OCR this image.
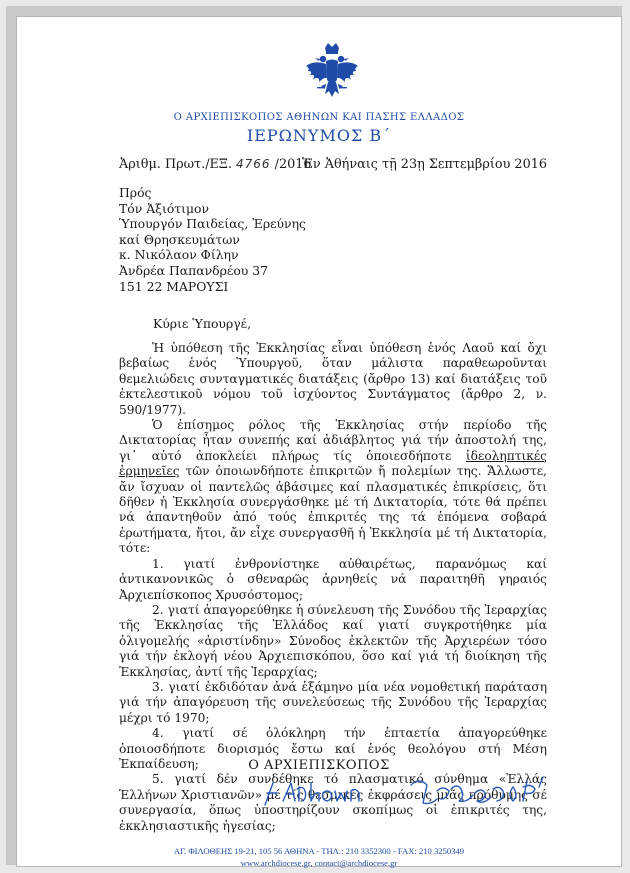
Ο ΑΡΧΙΕΠΙΣΚΟΠΟΣ ΑΘΗΝΩΝ ΚΑΙ ΠΑΣΗΣ ΕΛΛΑΔΟΣ
ΙΕΡΩΝΥΜΟΣ Β΄
Ἀριθμ. Πρωτ./ΕΞ. 4766 /2016
Ἐν Ἀθήναις τῇ 23ῃ Σεπτεμβρίου 2016
Πρός
Τόν Ἀξιότιμον
Ὑπουργόν Παιδείας, Ἐρεύνης
καί Θρησκευμάτων
κ. Νικόλαον Φίλην
Ἀνδρέα Παπανδρέου 37
151 22 ΜΑΡΟΥΣΙ
Κύριε Ὑπουργέ,

Ἡ ὑπόθεση τῆς Ἐκκλησίας εἶναι ὑπόθεση ἑνός Λαοῦ καί ὄχι βεβαίως ἑνός Ὑπουργοῦ, ὅταν μάλιστα παραθεωροῦνται θεμελιώδεις συνταγματικές διατάξεις (ἄρθρο 13) καί διατάξεις τοῦ ἐκτελεστικοῦ νόμου τοῦ ἰσχύοντος Συντάγματος (ἄρθρο 2, ν. 590/1977).

Ὁ ἐπίσημος ρόλος τῆς Ἐκκλησίας στήν περίοδο τῆς Δικτατορίας ἦταν συνεπής καί ἀδιάβλητος γιά τήν ἀποστολή της, γι᾽ αὐτό ἀποκλείει πλήρως τίς ὁποιεσδήποτε ἰδεοληπτικές ἑρμηνεῖες τῶν ὁποιωνδήποτε ἐπικριτῶν ἤ πολεμίων της. Ἄλλωστε, ἄν ἴσχυαν οἱ παντελῶς ἀβάσιμες καί πλασματικές ἐπικρίσεις, ὅτι δῆθεν ἡ Ἐκκλησία συνεργάσθηκε μέ τή Δικτατορία, τότε θά πρέπει νά ἀπαντηθοῦν ἀπό τούς ἐπικριτές της τά ἑπόμενα σοβαρά ἐρωτήματα, ἤτοι, ἄν εἶχε συνεργασθῆ ἡ Ἐκκλησία μέ τή Δικτατορία, τότε:

1. γιατί ἐνθρονίστηκε αὐθαιρέτως, παρανόμως καί ἀντικανονικῶς ὁ σθεναρῶς ἀρνηθείς νά παραιτηθῆ γηραιός Ἀρχιεπίσκοπος Χρυσόστομος;

2. γιατί ἀπαγορεύθηκε ἡ σύνελευση τῆς Συνόδου τῆς Ἱεραρχίας τῆς Ἐκκλησίας τῆς Ἑλλάδος καί γιατί συγκροτήθηκε μία ὀλιγομελής «ἀριστίνδην» Σύνοδος ἐκλεκτῶν τῆς Ἀρχιερέων τόσο γιά τήν ἐκλογή νέου Ἀρχιεπισκόπου, ὅσο καί γιά τή διοίκηση τῆς Ἐκκλησίας, ἀντί τῆς Ἱεραρχίας;

3. γιατί ἐκδιδόταν ἀνά ἑξάμηνο μία νέα νομοθετική παράταση γιά τήν ἀπαγόρευση τῆς συνελεύσεως τῆς Συνόδου τῆς Ἱεραρχίας μέχρι τό 1970;

4. γιατί σέ ὁλόκληρη τήν ἑπταετία ἀπαγορεύθηκε ὁποιοσδήποτε διορισμός ἔστω καί ἑνός θεολόγου στή Μέση Ἐκπαίδευση;

5. γιατί δέν συνδέθηκε τό πλασματικό σύνθημα «Ἑλλάς Ἑλλήνων Χριστιανῶν» μέ τίς θεσμικές ἐκφράσεις μιᾶς πρόθυμης σέ συνεργασία, ὅπως ὑποστηρίζουν σκοπίμως οἱ ἐπικριτές της, ἐκκλησιαστικῆς ἡγεσίας;

Ο ΑΡΧΙΕΠΙΣΚΟΠΟΣ
ΑΓ. ΦΙΛΟΘΕΗΣ 19-21, 105 56 ΑΘΗΝΑ - ΤΗΛ.: 210 3352300 - FAX: 210 3250349
www.archdiocese.gr, contact@archdiocese.gr
